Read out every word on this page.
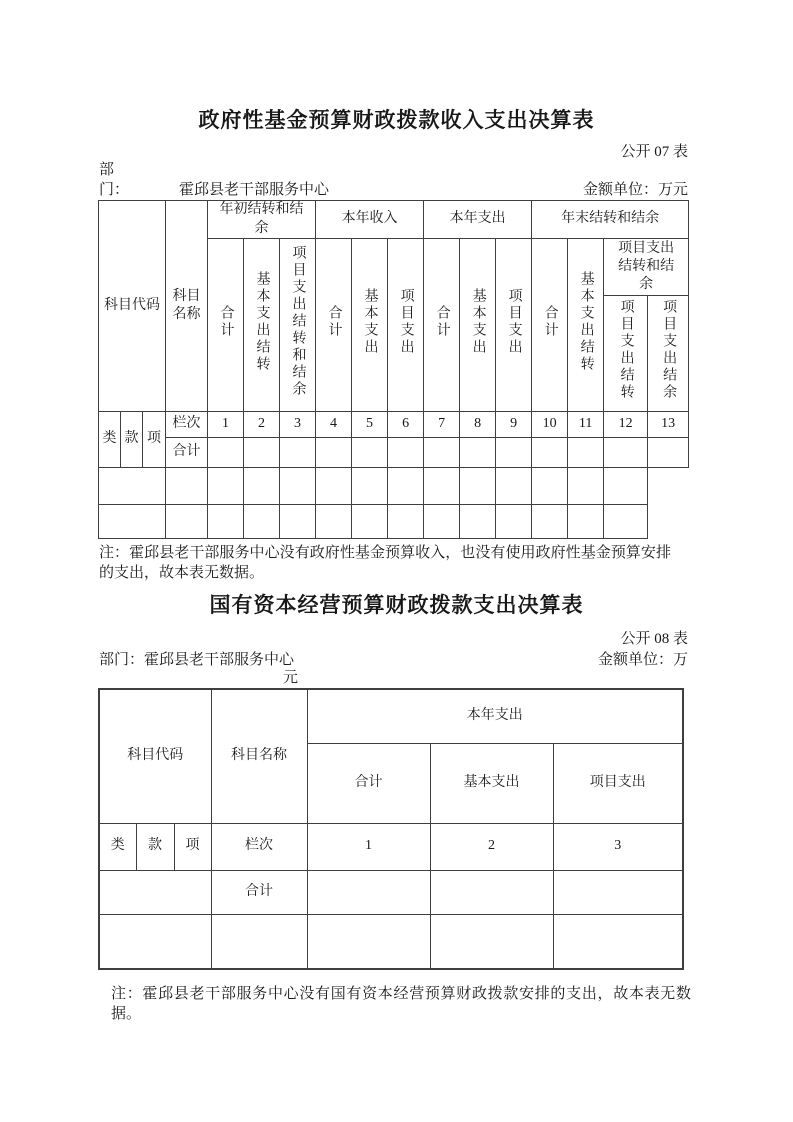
政府性基金预算财政拨款收入支出决算表
公开 07 表
部
门：	霍邱县老干部服务中心	金额单位：万元
科目代码			科目名称	年初结转和结余			本年收入			本年支出			年末结转和结余			
				合计	基本支出结转	项目支出结转和结余	合计	基本支出	项目支出	合计	基本支出	项目支出	合计	基本支出结转	项目支出结转和结余	
															项目支出结转	项目支出结余
类	款	项	栏次	1	2	3	4	5	6	7	8	9	10	11	12	13
			合计													

注：霍邱县老干部服务中心没有政府性基金预算收入，也没有使用政府性基金预算安排的支出，故本表无数据。
国有资本经营预算财政拨款支出决算表
公开 08 表
部门：霍邱县老干部服务中心	金额单位：万
元
科目代码			科目名称	本年支出		
				合计	基本支出	项目支出
类	款	项	栏次	1	2	3
			合计			

注：霍邱县老干部服务中心没有国有资本经营预算财政拨款安排的支出，故本表无数据。
